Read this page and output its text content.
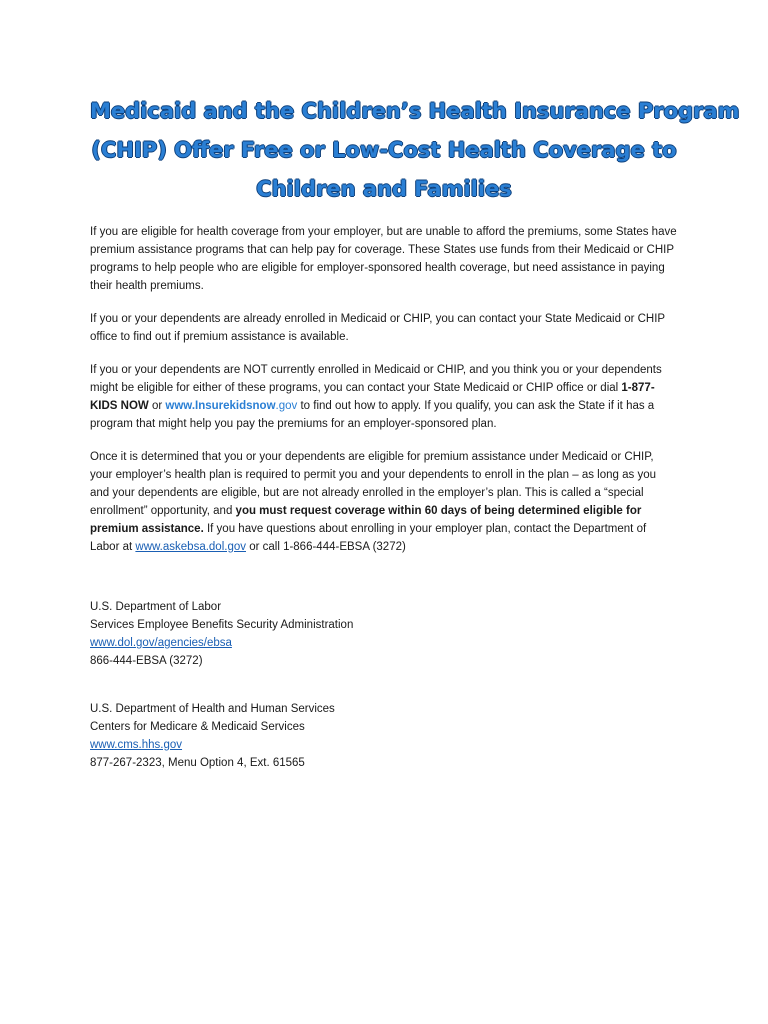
Medicaid and the Children’s Health Insurance Program
(CHIP) Offer Free or Low-Cost Health Coverage to
Children and Families

If you are eligible for health coverage from your employer, but are unable to afford the premiums, some States have premium assistance programs that can help pay for coverage. These States use funds from their Medicaid or CHIP programs to help people who are eligible for employer-sponsored health coverage, but need assistance in paying their health premiums.

If you or your dependents are already enrolled in Medicaid or CHIP, you can contact your State Medicaid or CHIP office to find out if premium assistance is available.

If you or your dependents are NOT currently enrolled in Medicaid or CHIP, and you think you or your dependents might be eligible for either of these programs, you can contact your State Medicaid or CHIP office or dial 1-877-KIDS NOW or www.Insurekidsnow.gov to find out how to apply. If you qualify, you can ask the State if it has a program that might help you pay the premiums for an employer-sponsored plan.

Once it is determined that you or your dependents are eligible for premium assistance under Medicaid or CHIP, your employer’s health plan is required to permit you and your dependents to enroll in the plan – as long as you and your dependents are eligible, but are not already enrolled in the employer’s plan. This is called a “special enrollment” opportunity, and you must request coverage within 60 days of being determined eligible for premium assistance. If you have questions about enrolling in your employer plan, contact the Department of Labor at www.askebsa.dol.gov or call 1-866-444-EBSA (3272)

U.S. Department of Labor
Services Employee Benefits Security Administration
www.dol.gov/agencies/ebsa
866-444-EBSA (3272)
U.S. Department of Health and Human Services
Centers for Medicare & Medicaid Services
www.cms.hhs.gov
877-267-2323, Menu Option 4, Ext. 61565
